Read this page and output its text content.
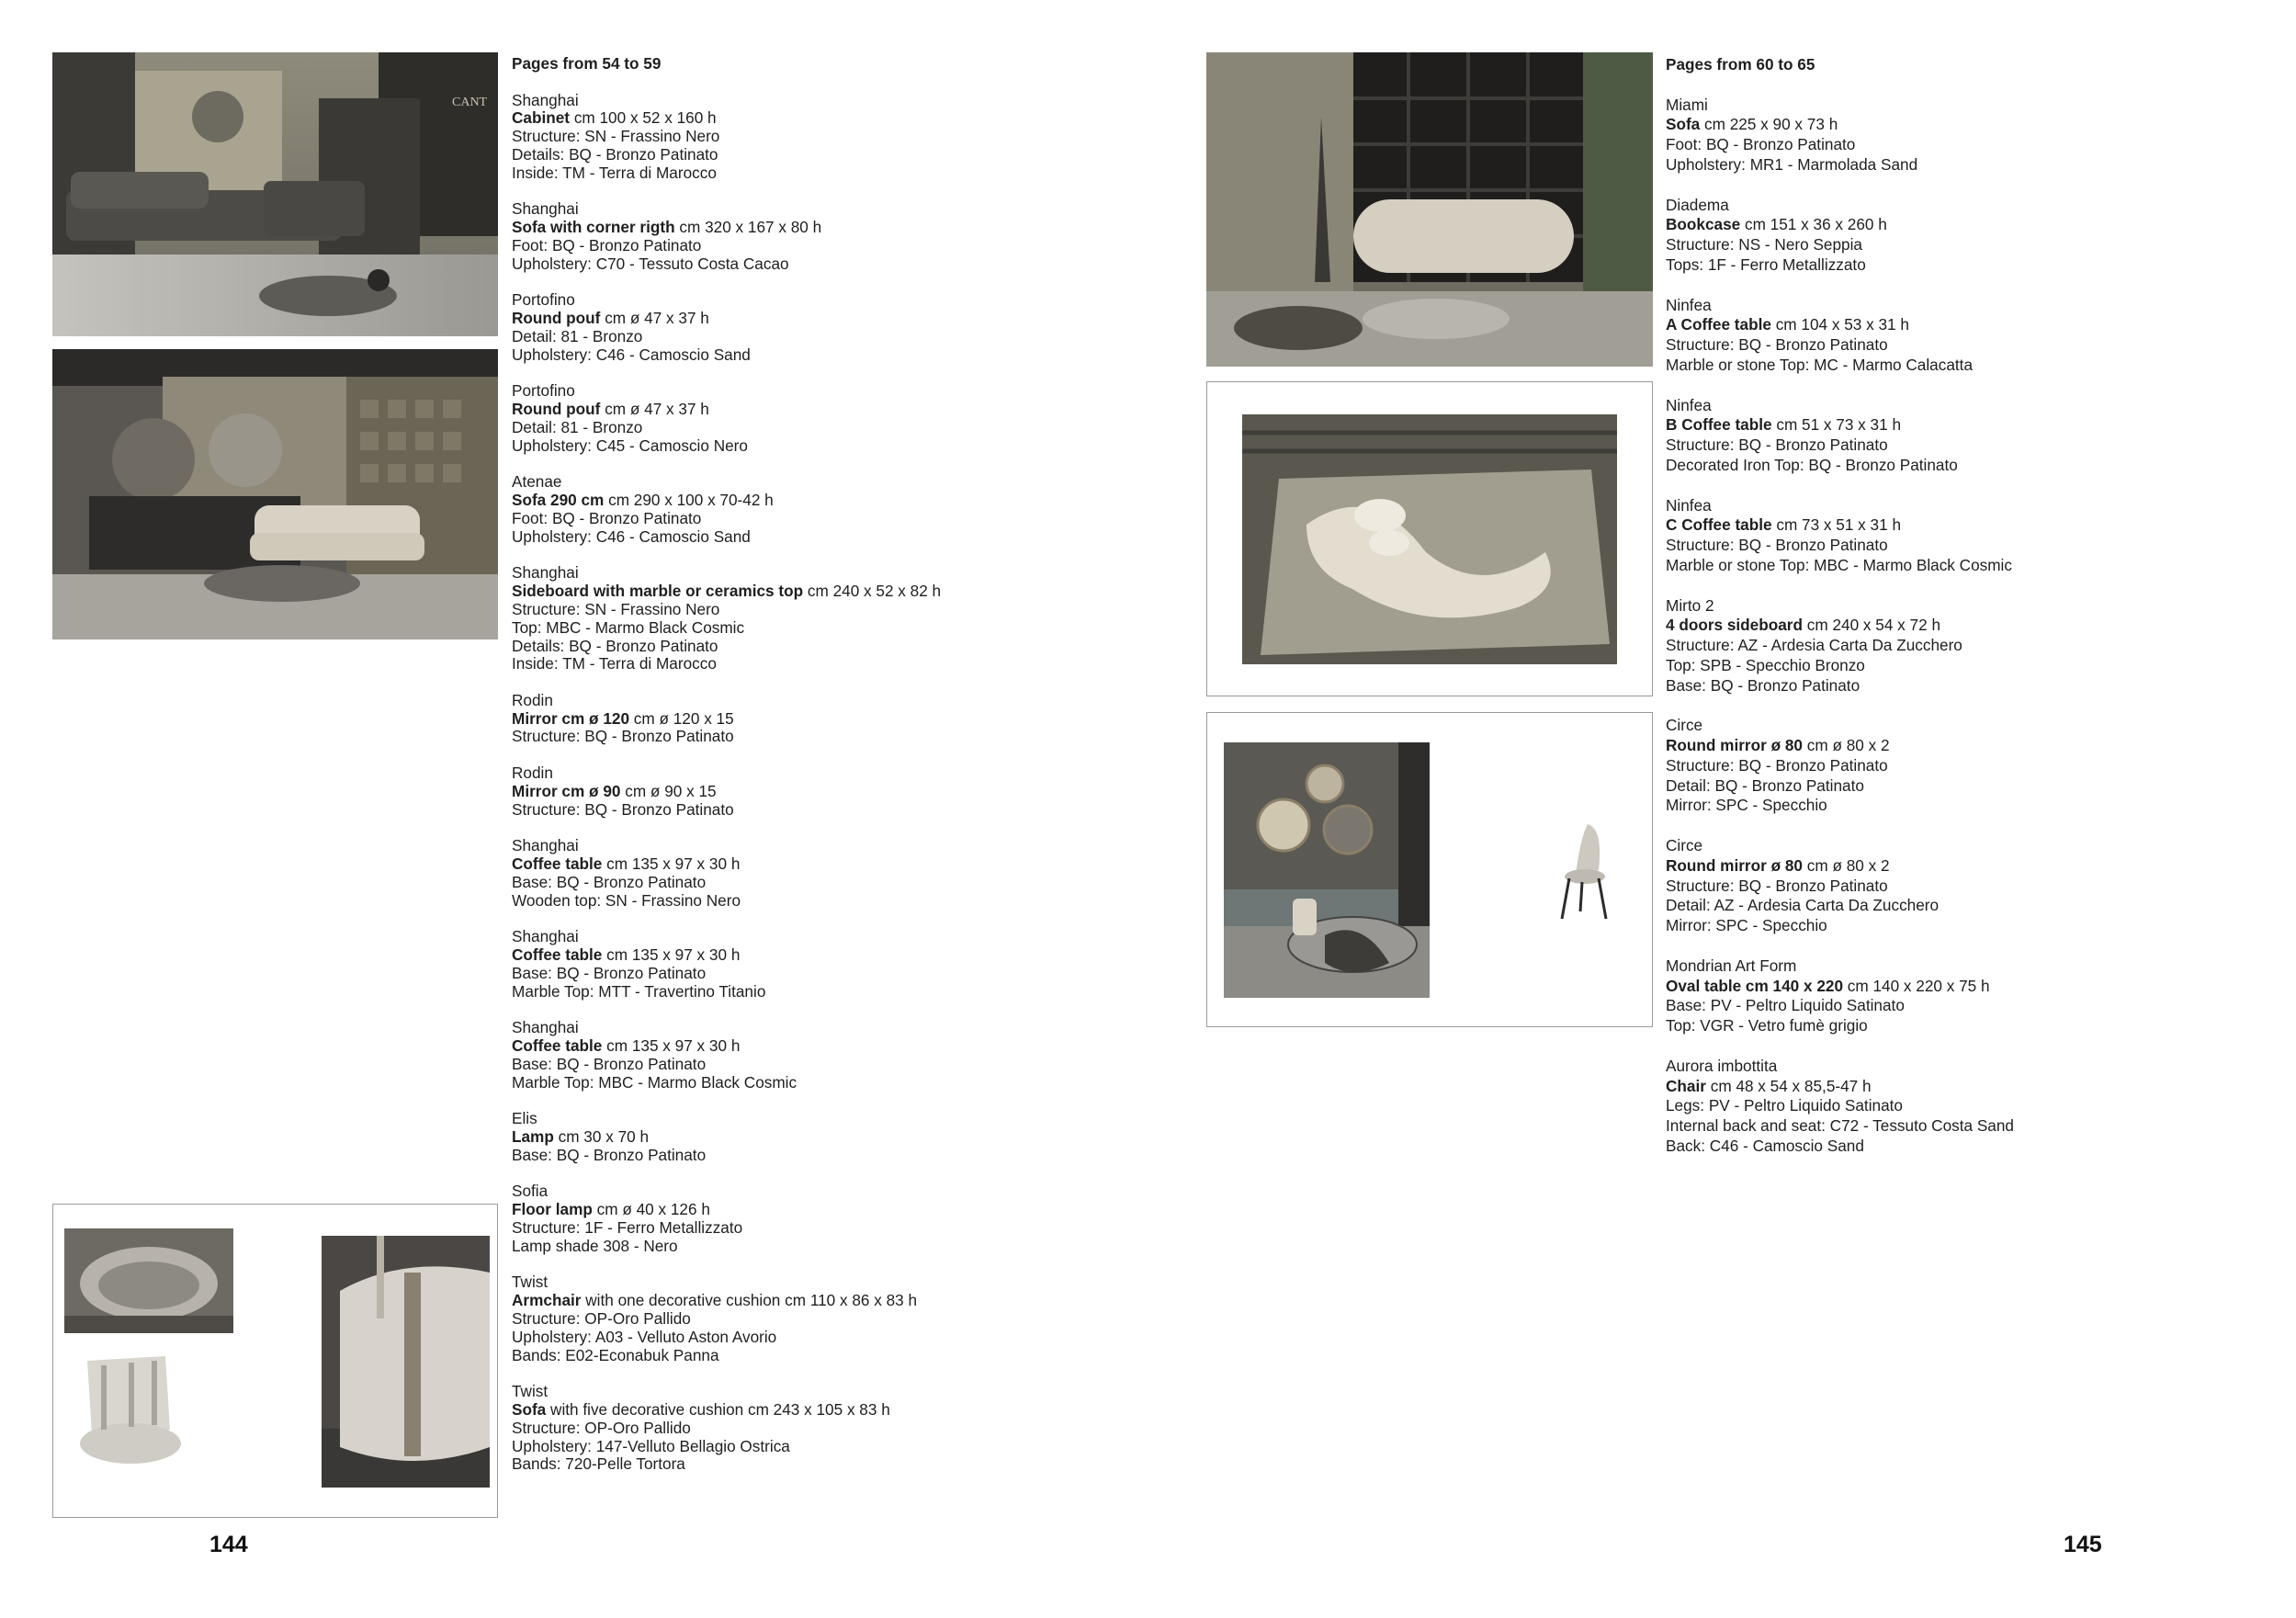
CANT
Pages from 54 to 59
Shanghai
Cabinet cm 100 x 52 x 160 h
Structure: SN - Frassino Nero
Details: BQ - Bronzo Patinato
Inside: TM - Terra di Marocco
Shanghai
Sofa with corner rigth cm 320 x 167 x 80 h
Foot: BQ - Bronzo Patinato
Upholstery: C70 - Tessuto Costa Cacao
Portofino
Round pouf cm ø 47 x 37 h
Detail: 81 - Bronzo
Upholstery: C46 - Camoscio Sand
Portofino
Round pouf cm ø 47 x 37 h
Detail: 81 - Bronzo
Upholstery: C45 - Camoscio Nero
Atenae
Sofa 290 cm cm 290 x 100 x 70-42 h
Foot: BQ - Bronzo Patinato
Upholstery: C46 - Camoscio Sand
Shanghai
Sideboard with marble or ceramics top cm 240 x 52 x 82 h
Structure: SN - Frassino Nero
Top: MBC - Marmo Black Cosmic
Details: BQ - Bronzo Patinato
Inside: TM - Terra di Marocco
Rodin
Mirror cm ø 120 cm ø 120 x 15
Structure: BQ - Bronzo Patinato
Rodin
Mirror cm ø 90 cm ø 90 x 15
Structure: BQ - Bronzo Patinato
Shanghai
Coffee table cm 135 x 97 x 30 h
Base: BQ - Bronzo Patinato
Wooden top: SN - Frassino Nero
Shanghai
Coffee table cm 135 x 97 x 30 h
Base: BQ - Bronzo Patinato
Marble Top: MTT - Travertino Titanio
Shanghai
Coffee table cm 135 x 97 x 30 h
Base: BQ - Bronzo Patinato
Marble Top: MBC - Marmo Black Cosmic
Elis
Lamp cm 30 x 70 h
Base: BQ - Bronzo Patinato
Sofia
Floor lamp cm ø 40 x 126 h
Structure: 1F - Ferro Metallizzato
Lamp shade 308 - Nero
Twist
Armchair with one decorative cushion cm 110 x 86 x 83 h
Structure: OP-Oro Pallido
Upholstery: A03 - Velluto Aston Avorio
Bands: E02-Econabuk Panna
Twist
Sofa with five decorative cushion cm 243 x 105 x 83 h
Structure: OP-Oro Pallido
Upholstery: 147-Velluto Bellagio Ostrica
Bands: 720-Pelle Tortora
144
Pages from 60 to 65
Miami
Sofa cm 225 x 90 x 73 h
Foot: BQ - Bronzo Patinato
Upholstery: MR1 - Marmolada Sand
Diadema
Bookcase cm 151 x 36 x 260 h
Structure: NS - Nero Seppia
Tops: 1F - Ferro Metallizzato
Ninfea
A Coffee table cm 104 x 53 x 31 h
Structure: BQ - Bronzo Patinato
Marble or stone Top: MC - Marmo Calacatta
Ninfea
B Coffee table cm 51 x 73 x 31 h
Structure: BQ - Bronzo Patinato
Decorated Iron Top: BQ - Bronzo Patinato
Ninfea
C Coffee table cm 73 x 51 x 31 h
Structure: BQ - Bronzo Patinato
Marble or stone Top: MBC - Marmo Black Cosmic
Mirto 2
4 doors sideboard cm 240 x 54 x 72 h
Structure: AZ - Ardesia Carta Da Zucchero
Top: SPB - Specchio Bronzo
Base: BQ - Bronzo Patinato
Circe
Round mirror ø 80 cm ø 80 x 2
Structure: BQ - Bronzo Patinato
Detail: BQ - Bronzo Patinato
Mirror: SPC - Specchio
Circe
Round mirror ø 80 cm ø 80 x 2
Structure: BQ - Bronzo Patinato
Detail: AZ - Ardesia Carta Da Zucchero
Mirror: SPC - Specchio
Mondrian Art Form
Oval table cm 140 x 220 cm 140 x 220 x 75 h
Base: PV - Peltro Liquido Satinato
Top: VGR - Vetro fumè grigio
Aurora imbottita
Chair cm 48 x 54 x 85,5-47 h
Legs: PV - Peltro Liquido Satinato
Internal back and seat: C72 - Tessuto Costa Sand
Back: C46 - Camoscio Sand
145
